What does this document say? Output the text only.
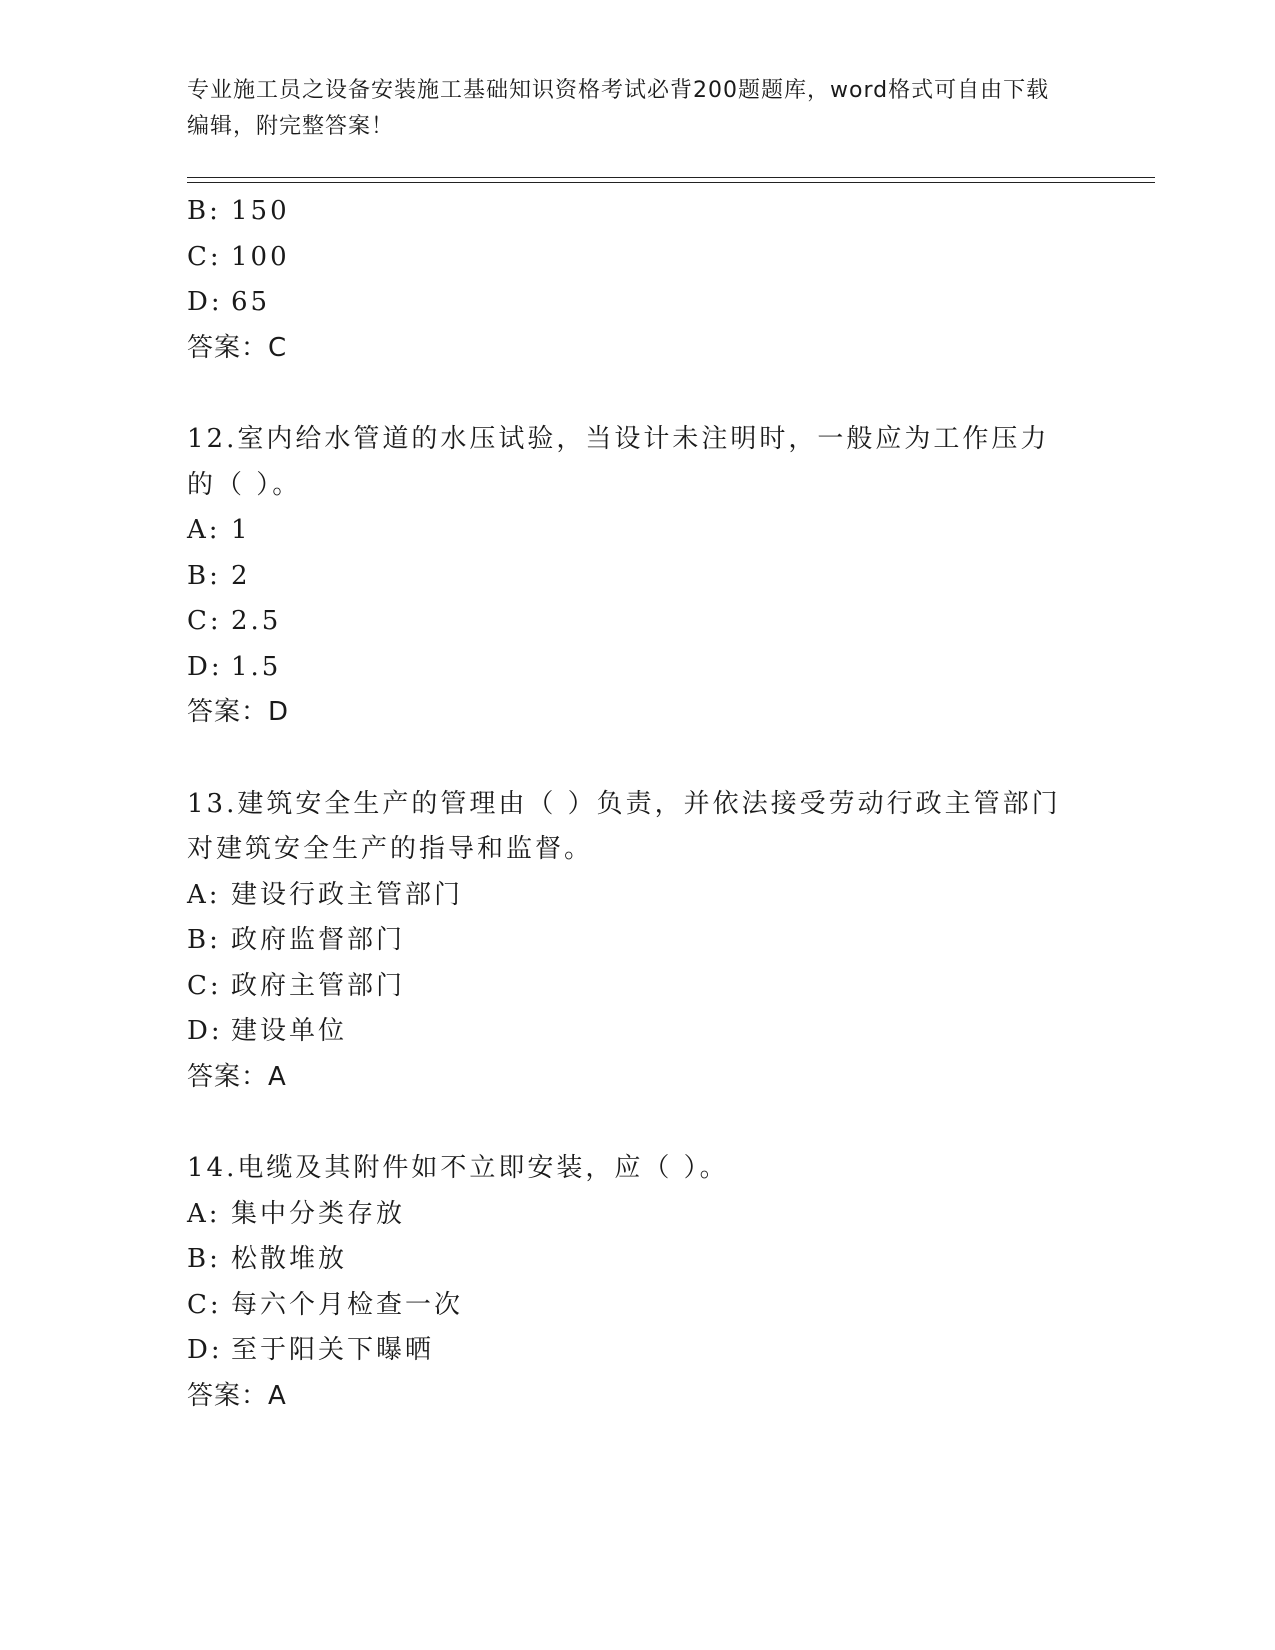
专业施工员之设备安装施工基础知识资格考试必背200题题库，word格式可自由下载编辑，附完整答案！
B: 150
C: 100
D: 65
答案：C
12.室内给水管道的水压试验，当设计未注明时，一般应为工作压力的（ ）。
A: 1
B: 2
C: 2.5
D: 1.5
答案：D
13.建筑安全生产的管理由（ ）负责，并依法接受劳动行政主管部门对建筑安全生产的指导和监督。
A: 建设行政主管部门
B: 政府监督部门
C: 政府主管部门
D: 建设单位
答案：A
14.电缆及其附件如不立即安装，应（ ）。
A: 集中分类存放
B: 松散堆放
C: 每六个月检查一次
D: 至于阳关下曝晒
答案：A
